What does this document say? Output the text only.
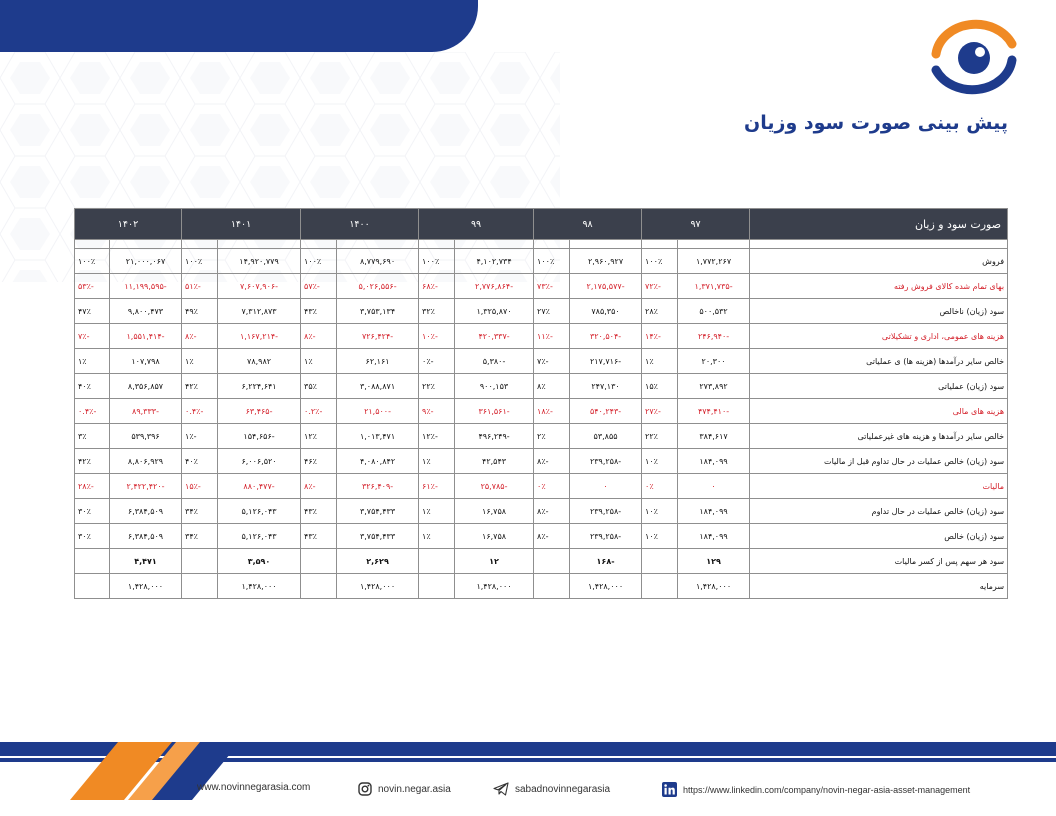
پیش بینی صورت سود وزیان
صورت سود و زیان	۹۷		۹۸		۹۹		۱۴۰۰		۱۴۰۱		۱۴۰۲	

فروش	۱,۷۷۲,۲۶۷	۱۰۰٪	۲,۹۶۰,۹۲۷	۱۰۰٪	۴,۱۰۲,۷۳۴	۱۰۰٪	۸,۷۷۹,۶۹۰	۱۰۰٪	۱۴,۹۲۰,۷۷۹	۱۰۰٪	۲۱,۰۰۰,۰۶۷	۱۰۰٪
بهای تمام شده کالای فروش رفته	-۱,۳۷۱,۷۳۵	-۷۲٪	-۲,۱۷۵,۵۷۷	-۷۳٪	-۲,۷۷۶,۸۶۴	-۶۸٪	-۵,۰۲۶,۵۵۶	-۵۷٪	-۷,۶۰۷,۹۰۶	-۵۱٪	-۱۱,۱۹۹,۵۹۵	-۵۳٪
سود (زیان) ناخالص	۵۰۰,۵۳۲	۲۸٪	۷۸۵,۳۵۰	۲۷٪	۱,۳۲۵,۸۷۰	۳۲٪	۳,۷۵۳,۱۳۴	۴۳٪	۷,۳۱۲,۸۷۳	۴۹٪	۹,۸۰۰,۴۷۳	۴۷٪
هزینه های عمومی، اداری و تشکیلاتی	-۲۴۶,۹۴۰	-۱۴٪	-۳۲۰,۵۰۴	-۱۱٪	-۴۲۰,۳۳۷	-۱۰٪	-۷۲۶,۴۲۴	-۸٪	-۱,۱۶۷,۲۱۴	-۸٪	-۱,۵۵۱,۴۱۴	-۷٪
خالص سایر درآمدها (هزینه ها) ی عملیاتی	۲۰,۳۰۰	۱٪	-۲۱۷,۷۱۶	-۷٪	-۵,۳۸۰	-۰٪	۶۲,۱۶۱	۱٪	۷۸,۹۸۲	۱٪	۱۰۷,۷۹۸	۱٪
سود (زیان) عملیاتی	۲۷۳,۸۹۲	۱۵٪	۲۴۷,۱۳۰	۸٪	۹۰۰,۱۵۳	۲۲٪	۳,۰۸۸,۸۷۱	۳۵٪	۶,۲۲۴,۶۴۱	۴۲٪	۸,۳۵۶,۸۵۷	۴۰٪
هزینه های مالی	-۴۷۴,۴۱۰	-۲۷٪	-۵۴۰,۲۴۳	-۱۸٪	-۳۶۱,۵۶۱	-۹٪	-۲۱,۵۰۰	-۰.۲٪	-۶۳,۴۶۵	-۰.۴٪	-۸۹,۳۳۳	-۰.۴٪
خالص سایر درآمدها و هزینه های غیرعملیاتی	۳۸۴,۶۱۷	۲۲٪	۵۳,۸۵۵	۲٪	-۴۹۶,۲۴۹	-۱۲٪	۱,۰۱۳,۴۷۱	۱۲٪	-۱۵۴,۶۵۶	-۱٪	۵۳۹,۳۹۶	۳٪
سود (زیان) خالص عملیات در حال تداوم قبل از مالیات	۱۸۴,۰۹۹	۱۰٪	-۲۳۹,۲۵۸	-۸٪	۴۲,۵۴۳	۱٪	۴,۰۸۰,۸۴۲	۴۶٪	۶,۰۰۶,۵۲۰	۴۰٪	۸,۸۰۶,۹۲۹	۴۲٪
مالیات	۰	۰٪	۰	۰٪	-۲۵,۷۸۵	-۶۱٪	-۳۲۶,۴۰۹	-۸٪	-۸۸۰,۴۷۷	-۱۵٪	-۲,۴۲۲,۴۲۰	-۲۸٪
سود (زیان) خالص عملیات در حال تداوم	۱۸۴,۰۹۹	۱۰٪	-۲۳۹,۲۵۸	-۸٪	۱۶,۷۵۸	۱٪	۳,۷۵۴,۴۳۳	۴۳٪	۵,۱۲۶,۰۴۳	۳۴٪	۶,۳۸۴,۵۰۹	۳۰٪
سود (زیان) خالص	۱۸۴,۰۹۹	۱۰٪	-۲۳۹,۲۵۸	-۸٪	۱۶,۷۵۸	۱٪	۳,۷۵۴,۴۳۳	۴۳٪	۵,۱۲۶,۰۴۳	۳۴٪	۶,۳۸۴,۵۰۹	۳۰٪
سود هر سهم پس از کسر مالیات	۱۲۹		-۱۶۸		۱۲		۲,۶۲۹		۳,۵۹۰		۴,۴۷۱	
سرمایه	۱,۴۲۸,۰۰۰		۱,۴۲۸,۰۰۰		۱,۴۲۸,۰۰۰		۱,۴۲۸,۰۰۰		۱,۴۲۸,۰۰۰		۱,۴۲۸,۰۰۰	
www.novinnegarasia.com	novin.negar.asia	sabadnovinnegarasia	https://www.linkedin.com/company/novin-negar-asia-asset-management
